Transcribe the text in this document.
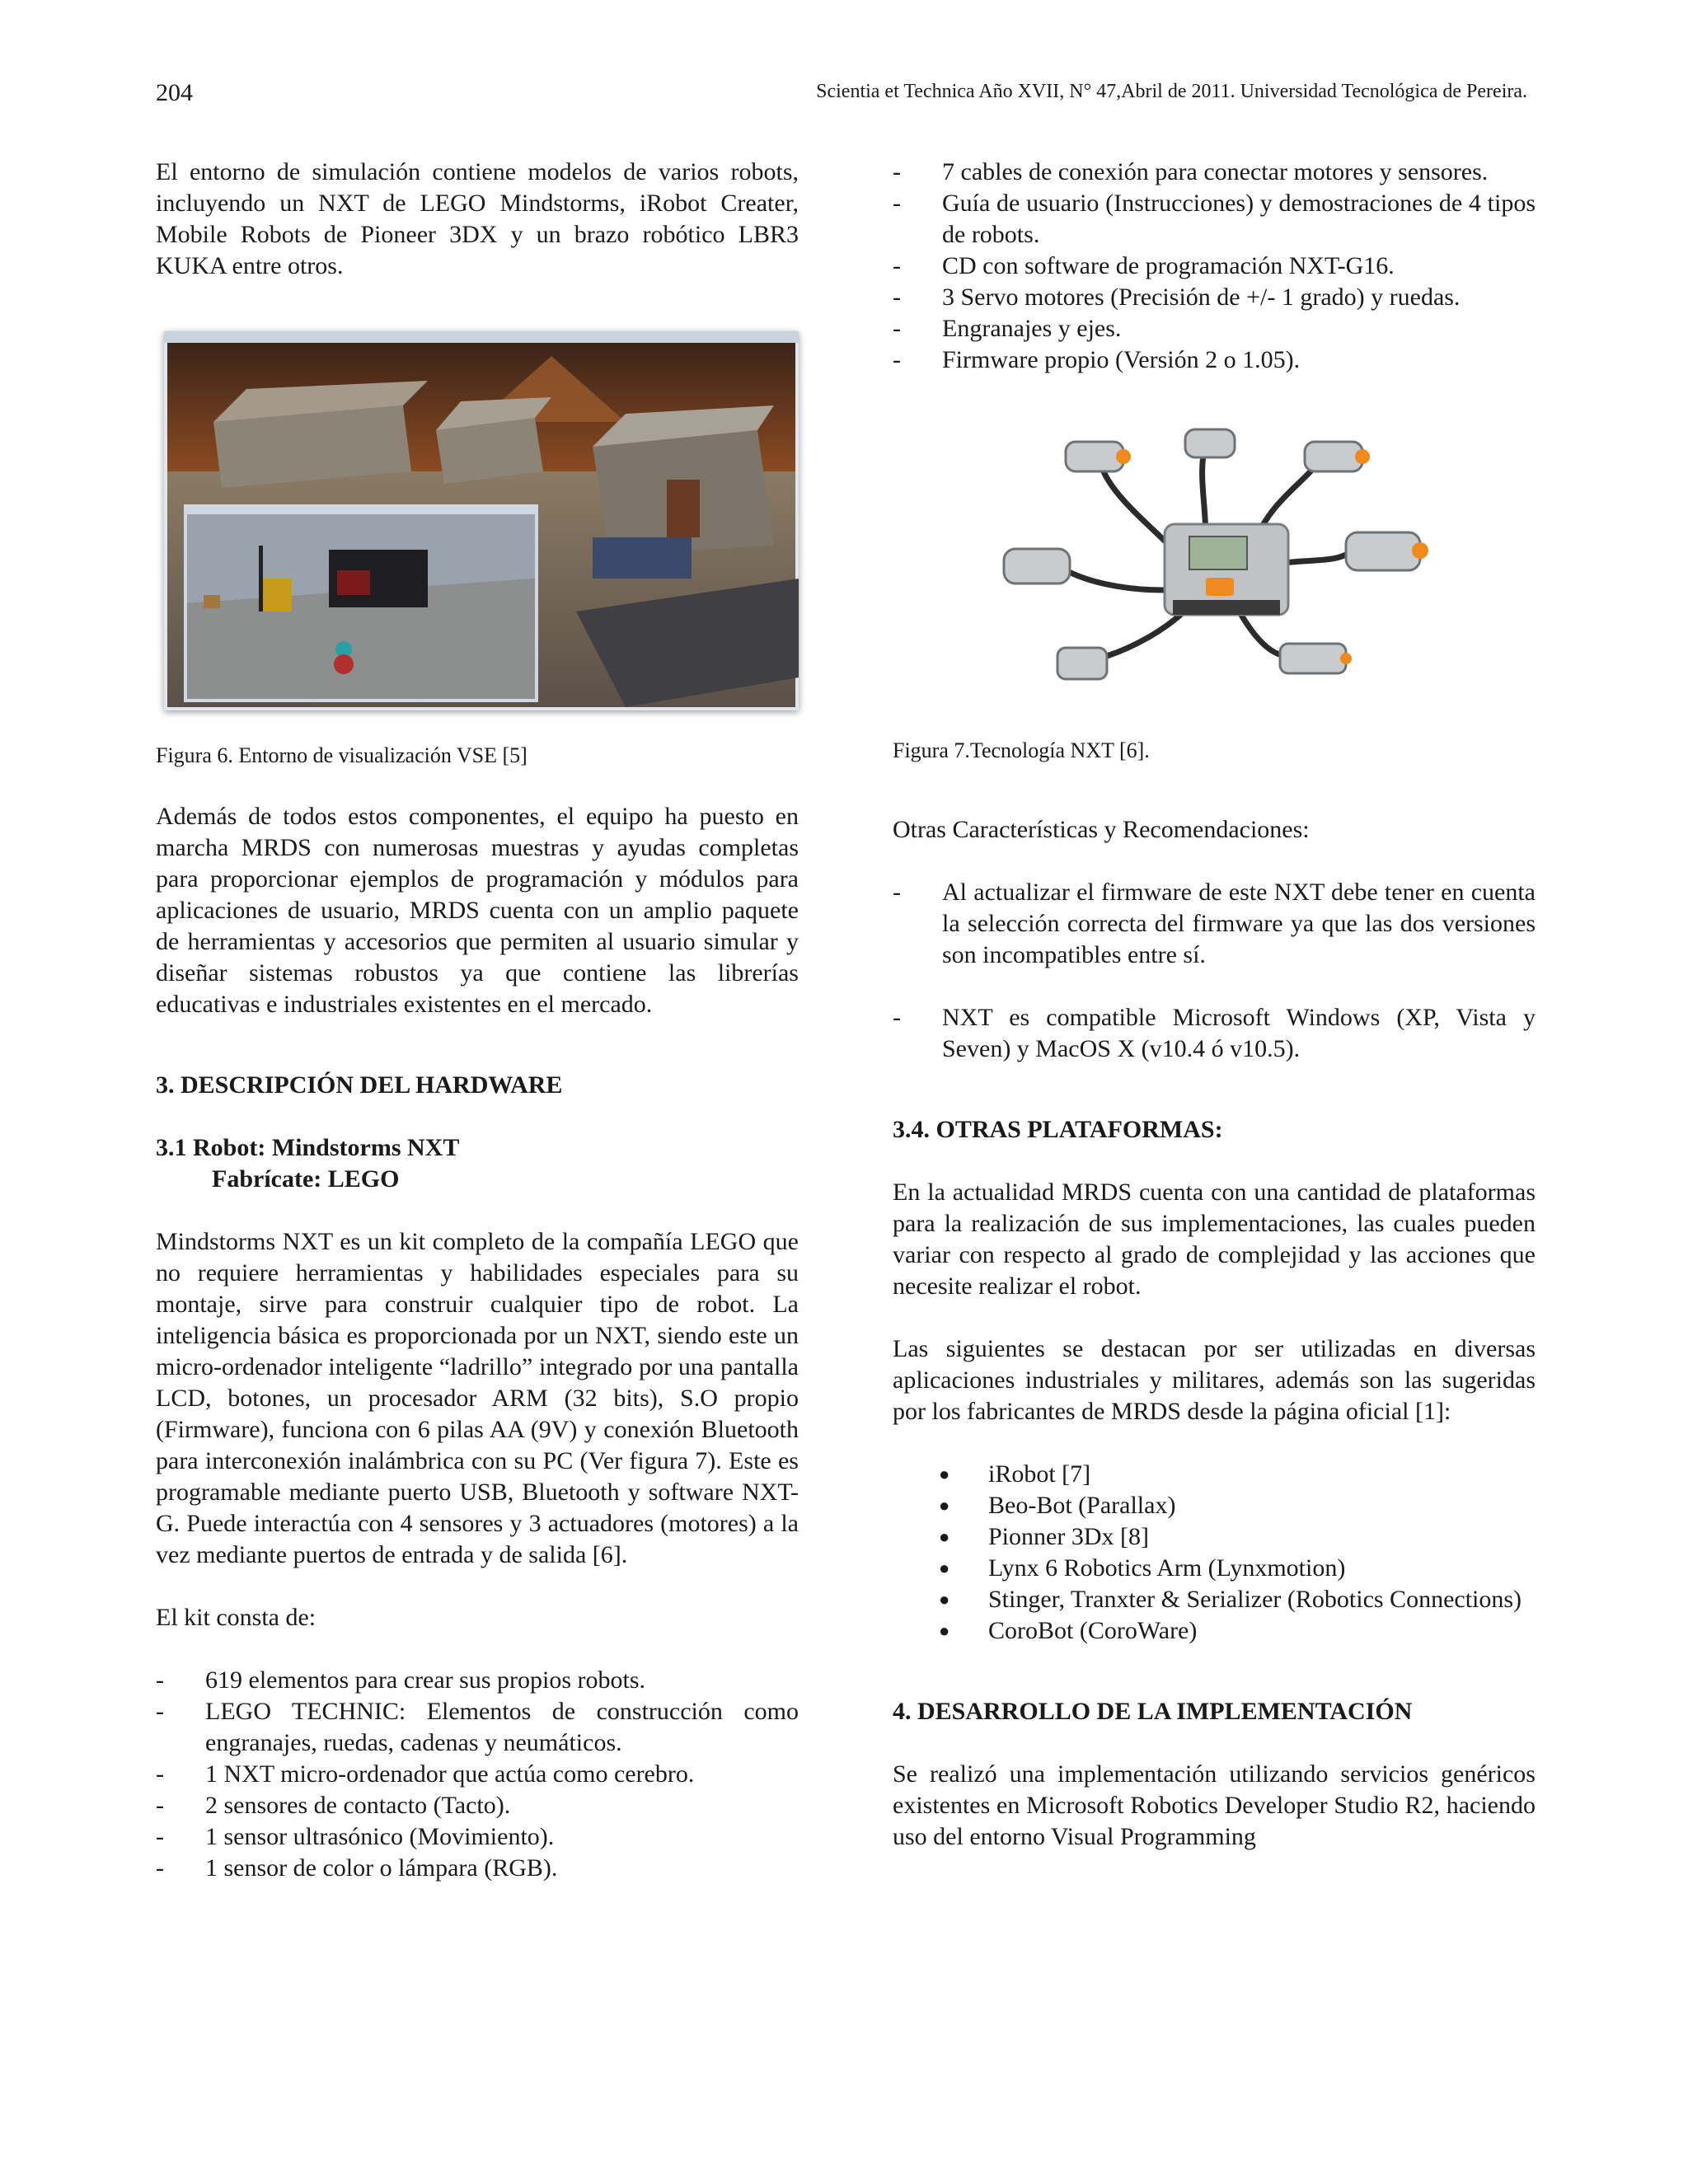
204	Scientia et Technica Año XVII, N° 47,Abril de 2011. Universidad Tecnológica de Pereira.

El entorno de simulación contiene modelos de varios robots, incluyendo un NXT de LEGO Mindstorms, iRobot Creater, Mobile Robots de Pioneer 3DX y un brazo robótico LBR3 KUKA entre otros.

Figura 6. Entorno de visualización VSE [5]

Además de todos estos componentes, el equipo ha puesto en marcha MRDS con numerosas muestras y ayudas completas para proporcionar ejemplos de programación y módulos para aplicaciones de usuario, MRDS cuenta con un amplio paquete de herramientas y accesorios que permiten al usuario simular y diseñar sistemas robustos ya que contiene las librerías educativas e industriales existentes en el mercado.

3. DESCRIPCIÓN DEL HARDWARE
3.1 Robot: Mindstorms NXT
Fabrícate: LEGO

Mindstorms NXT es un kit completo de la compañía LEGO que no requiere herramientas y habilidades especiales para su montaje, sirve para construir cualquier tipo de robot. La inteligencia básica es proporcionada por un NXT, siendo este un micro-ordenador inteligente “ladrillo” integrado por una pantalla LCD, botones, un procesador ARM (32 bits), S.O propio (Firmware), funciona con 6 pilas AA (9V) y conexión Bluetooth para interconexión inalámbrica con su PC (Ver figura 7). Este es programable mediante puerto USB, Bluetooth y software NXT-G. Puede interactúa con 4 sensores y 3 actuadores (motores) a la vez mediante puertos de entrada y de salida [6].

El kit consta de:

- 619 elementos para crear sus propios robots.
- LEGO TECHNIC: Elementos de construcción como engranajes, ruedas, cadenas y neumáticos.
- 1 NXT micro-ordenador que actúa como cerebro.
- 2 sensores de contacto (Tacto).
- 1 sensor ultrasónico (Movimiento).
- 1 sensor de color o lámpara (RGB).
- 7 cables de conexión para conectar motores y sensores.
- Guía de usuario (Instrucciones) y demostraciones de 4 tipos de robots.
- CD con software de programación NXT-G16.
- 3 Servo motores (Precisión de +/- 1 grado) y ruedas.
- Engranajes y ejes.
- Firmware propio (Versión 2 o 1.05).

Figura 7.Tecnología NXT [6].

Otras Características y Recomendaciones:

- Al actualizar el firmware de este NXT debe tener en cuenta la selección correcta del firmware ya que las dos versiones son incompatibles entre sí.
- NXT es compatible Microsoft Windows (XP, Vista y Seven) y MacOS X (v10.4 ó v10.5).
3.4. OTRAS PLATAFORMAS:

En la actualidad MRDS cuenta con una cantidad de plataformas para la realización de sus implementaciones, las cuales pueden variar con respecto al grado de complejidad y las acciones que necesite realizar el robot.

Las siguientes se destacan por ser utilizadas en diversas aplicaciones industriales y militares, además son las sugeridas por los fabricantes de MRDS desde la página oficial [1]:

● iRobot [7]
● Beo-Bot (Parallax)
● Pionner 3Dx [8]
● Lynx 6 Robotics Arm (Lynxmotion)
● Stinger, Tranxter & Serializer (Robotics Connections)
● CoroBot (CoroWare)
4. DESARROLLO DE LA IMPLEMENTACIÓN

Se realizó una implementación utilizando servicios genéricos existentes en Microsoft Robotics Developer Studio R2, haciendo uso del entorno Visual Programming
